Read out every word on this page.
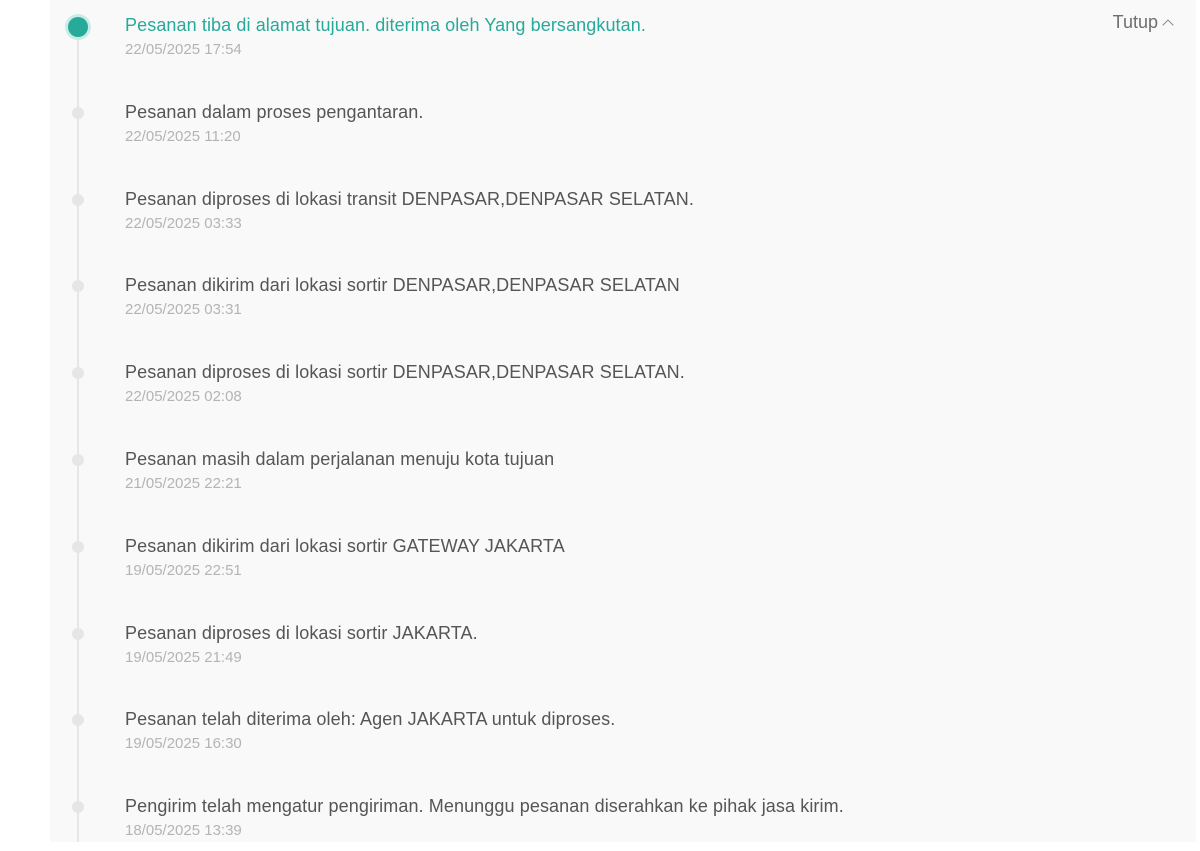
Tutup
Pesanan tiba di alamat tujuan. diterima oleh Yang bersangkutan.
22/05/2025 17:54
Pesanan dalam proses pengantaran.
22/05/2025 11:20
Pesanan diproses di lokasi transit DENPASAR,DENPASAR SELATAN.
22/05/2025 03:33
Pesanan dikirim dari lokasi sortir DENPASAR,DENPASAR SELATAN
22/05/2025 03:31
Pesanan diproses di lokasi sortir DENPASAR,DENPASAR SELATAN.
22/05/2025 02:08
Pesanan masih dalam perjalanan menuju kota tujuan
21/05/2025 22:21
Pesanan dikirim dari lokasi sortir GATEWAY JAKARTA
19/05/2025 22:51
Pesanan diproses di lokasi sortir JAKARTA.
19/05/2025 21:49
Pesanan telah diterima oleh: Agen JAKARTA untuk diproses.
19/05/2025 16:30
Pengirim telah mengatur pengiriman. Menunggu pesanan diserahkan ke pihak jasa kirim.
18/05/2025 13:39
